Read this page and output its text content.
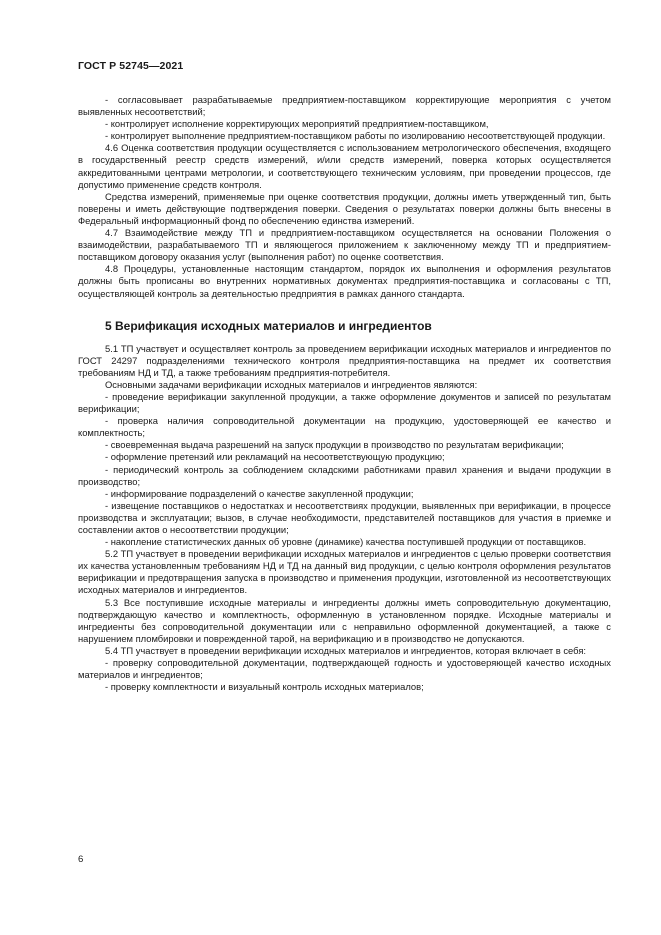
ГОСТ Р 52745—2021

- согласовывает разрабатываемые предприятием-поставщиком корректирующие мероприятия с учетом выявленных несоответствий;

- контролирует исполнение корректирующих мероприятий предприятием-поставщиком,

- контролирует выполнение предприятием-поставщиком работы по изолированию несоответствующей продукции.

4.6 Оценка соответствия продукции осуществляется с использованием метрологического обеспечения, входящего в государственный реестр средств измерений, и/или средств измерений, поверка которых осуществляется аккредитованными центрами метрологии, и соответствующего техническим условиям, при проведении процессов, где допустимо применение средств контроля.

Средства измерений, применяемые при оценке соответствия продукции, должны иметь утвержденный тип, быть поверены и иметь действующие подтверждения поверки. Сведения о результатах поверки должны быть внесены в Федеральный информационный фонд по обеспечению единства измерений.

4.7 Взаимодействие между ТП и предприятием-поставщиком осуществляется на основании Положения о взаимодействии, разрабатываемого ТП и являющегося приложением к заключенному между ТП и предприятием-поставщиком договору оказания услуг (выполнения работ) по оценке соответствия.

4.8 Процедуры, установленные настоящим стандартом, порядок их выполнения и оформления результатов должны быть прописаны во внутренних нормативных документах предприятия-поставщика и согласованы с ТП, осуществляющей контроль за деятельностью предприятия в рамках данного стандарта.

5 Верификация исходных материалов и ингредиентов

5.1 ТП участвует и осуществляет контроль за проведением верификации исходных материалов и ингредиентов по ГОСТ 24297 подразделениями технического контроля предприятия-поставщика на предмет их соответствия требованиям НД и ТД, а также требованиям предприятия-потребителя.

Основными задачами верификации исходных материалов и ингредиентов являются:

- проведение верификации закупленной продукции, а также оформление документов и записей по результатам верификации;

- проверка наличия сопроводительной документации на продукцию, удостоверяющей ее качество и комплектность;

- своевременная выдача разрешений на запуск продукции в производство по результатам верификации;

- оформление претензий или рекламаций на несоответствующую продукцию;

- периодический контроль за соблюдением складскими работниками правил хранения и выдачи продукции в производство;

- информирование подразделений о качестве закупленной продукции;

- извещение поставщиков о недостатках и несоответствиях продукции, выявленных при верификации, в процессе производства и эксплуатации; вызов, в случае необходимости, представителей поставщиков для участия в приемке и составлении актов о несоответствии продукции;

- накопление статистических данных об уровне (динамике) качества поступившей продукции от поставщиков.

5.2 ТП участвует в проведении верификации исходных материалов и ингредиентов с целью проверки соответствия их качества установленным требованиям НД и ТД на данный вид продукции, с целью контроля оформления результатов верификации и предотвращения запуска в производство и применения продукции, изготовленной из несоответствующих исходных материалов и ингредиентов.

5.3 Все поступившие исходные материалы и ингредиенты должны иметь сопроводительную документацию, подтверждающую качество и комплектность, оформленную в установленном порядке. Исходные материалы и ингредиенты без сопроводительной документации или с неправильно оформленной документацией, а также с нарушением пломбировки и поврежденной тарой, на верификацию и в производство не допускаются.

5.4 ТП участвует в проведении верификации исходных материалов и ингредиентов, которая включает в себя:

- проверку сопроводительной документации, подтверждающей годность и удостоверяющей качество исходных материалов и ингредиентов;

- проверку комплектности и визуальный контроль исходных материалов;

6
